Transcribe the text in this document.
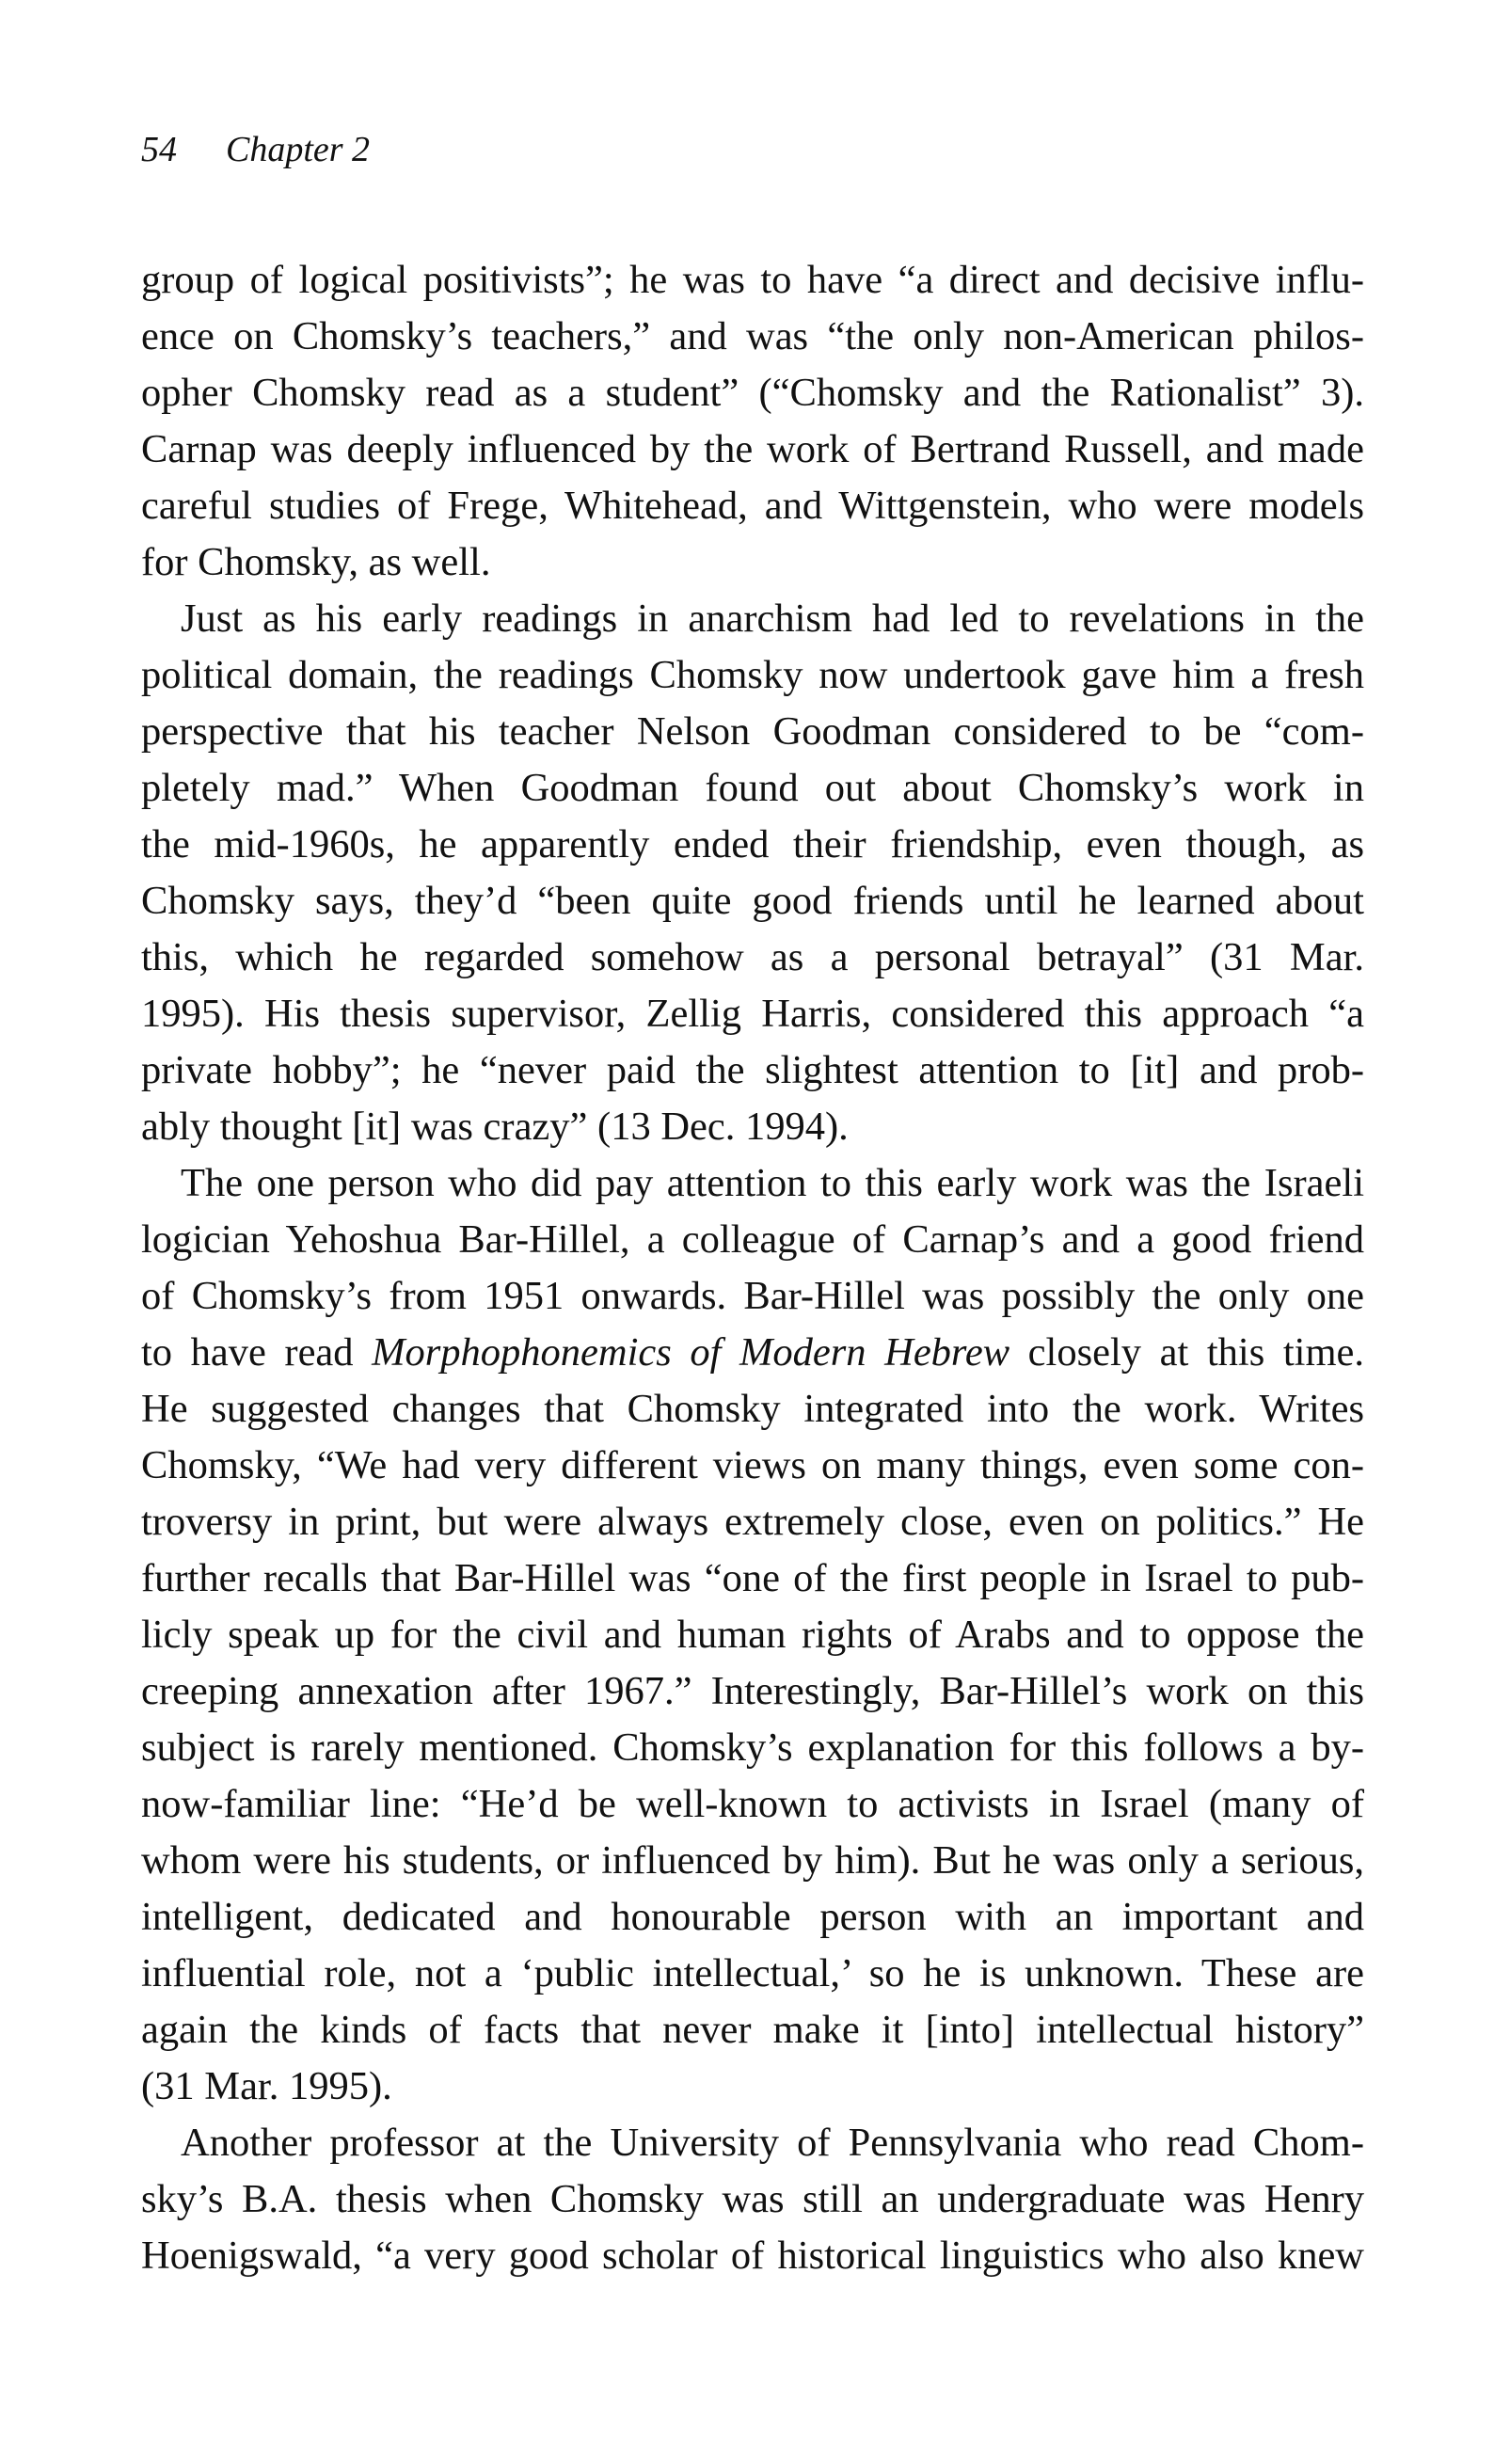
54 Chapter 2
group of logical positivists”; he was to have “a direct and decisive influ-
ence on Chomsky’s teachers,” and was “the only non-American philos-
opher Chomsky read as a student” (“Chomsky and the Rationalist” 3).
Carnap was deeply influenced by the work of Bertrand Russell, and made
careful studies of Frege, Whitehead, and Wittgenstein, who were models
for Chomsky, as well.
Just as his early readings in anarchism had led to revelations in the
political domain, the readings Chomsky now undertook gave him a fresh
perspective that his teacher Nelson Goodman considered to be “com-
pletely mad.” When Goodman found out about Chomsky’s work in
the mid-1960s, he apparently ended their friendship, even though, as
Chomsky says, they’d “been quite good friends until he learned about
this, which he regarded somehow as a personal betrayal” (31 Mar.
1995). His thesis supervisor, Zellig Harris, considered this approach “a
private hobby”; he “never paid the slightest attention to [it] and prob-
ably thought [it] was crazy” (13 Dec. 1994).
The one person who did pay attention to this early work was the Israeli
logician Yehoshua Bar-Hillel, a colleague of Carnap’s and a good friend
of Chomsky’s from 1951 onwards. Bar-Hillel was possibly the only one
to have read Morphophonemics of Modern Hebrew closely at this time.
He suggested changes that Chomsky integrated into the work. Writes
Chomsky, “We had very different views on many things, even some con-
troversy in print, but were always extremely close, even on politics.” He
further recalls that Bar-Hillel was “one of the first people in Israel to pub-
licly speak up for the civil and human rights of Arabs and to oppose the
creeping annexation after 1967.” Interestingly, Bar-Hillel’s work on this
subject is rarely mentioned. Chomsky’s explanation for this follows a by-
now-familiar line: “He’d be well-known to activists in Israel (many of
whom were his students, or influenced by him). But he was only a serious,
intelligent, dedicated and honourable person with an important and
influential role, not a ‘public intellectual,’ so he is unknown. These are
again the kinds of facts that never make it [into] intellectual history”
(31 Mar. 1995).
Another professor at the University of Pennsylvania who read Chom-
sky’s B.A. thesis when Chomsky was still an undergraduate was Henry
Hoenigswald, “a very good scholar of historical linguistics who also knew
